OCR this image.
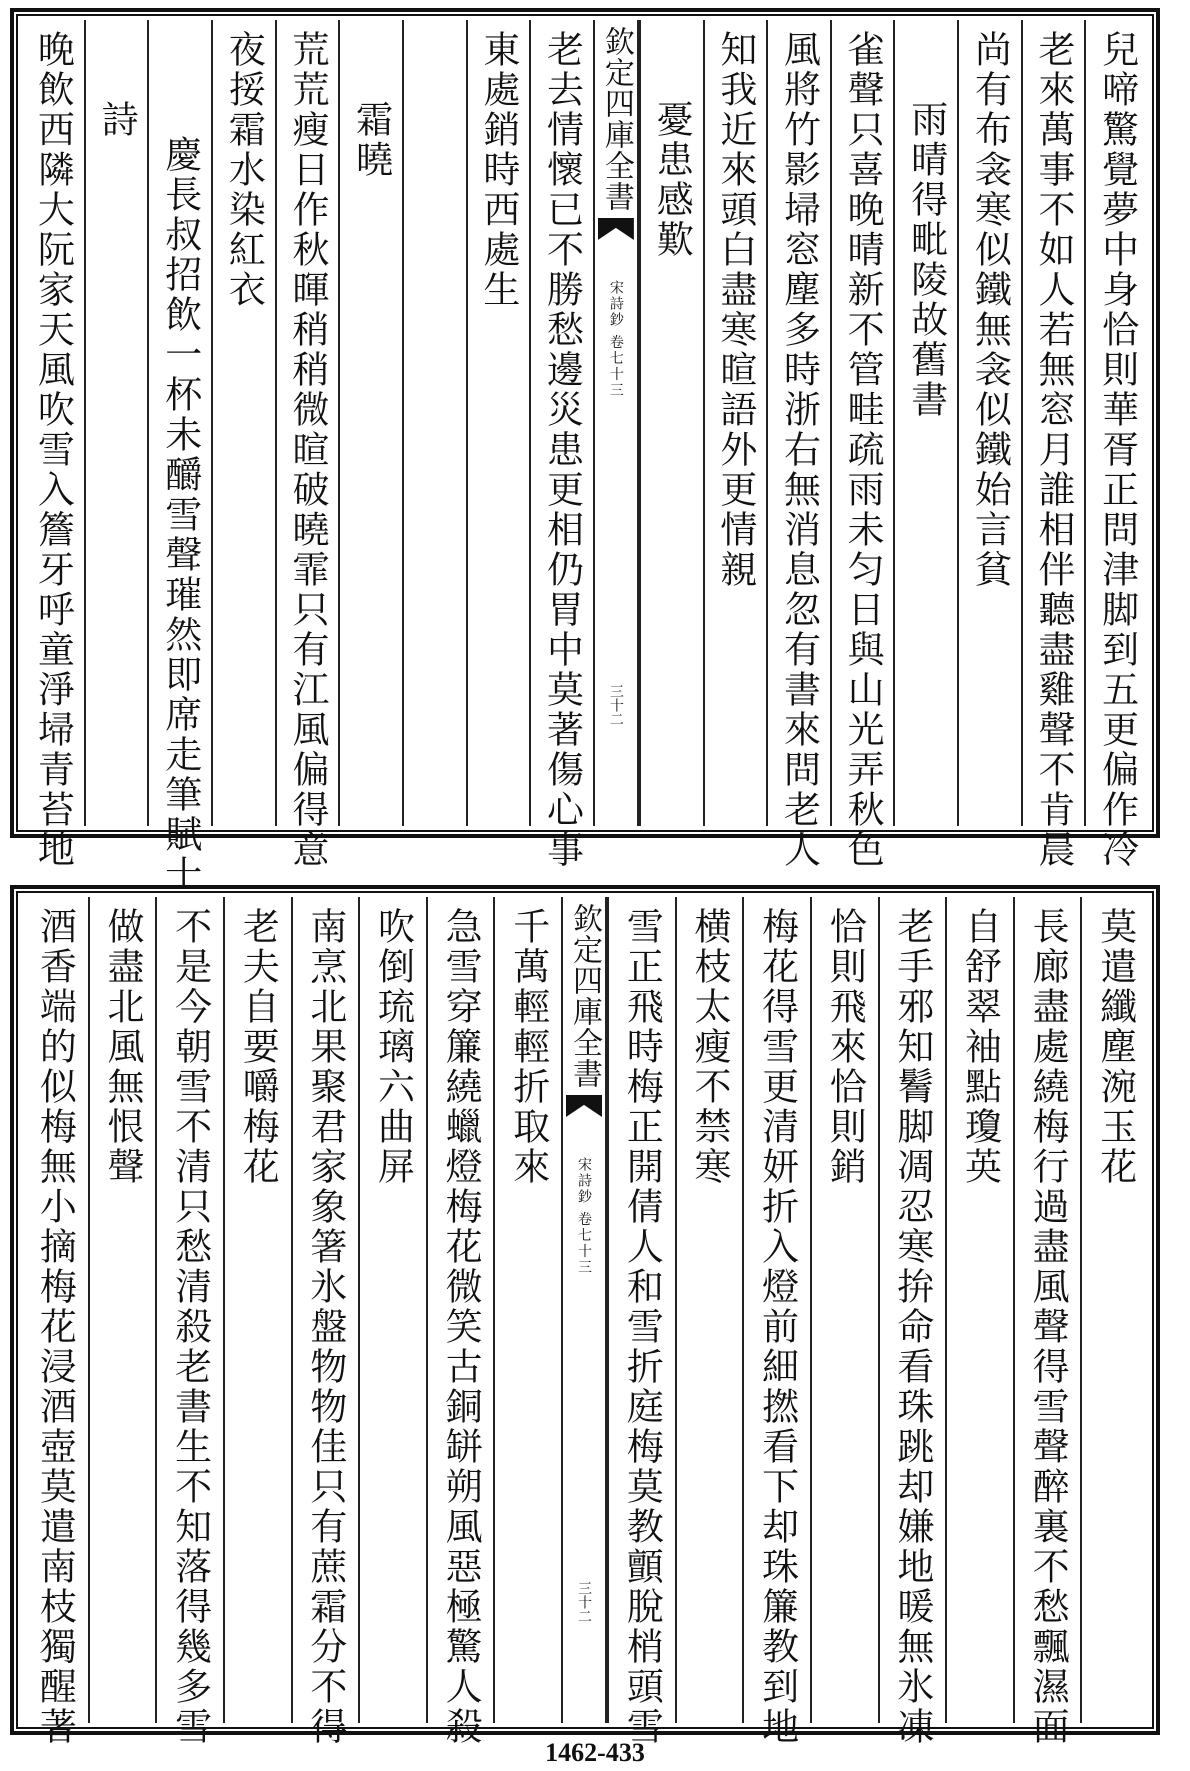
兒啼驚覺夢中身恰則華胥正問津脚到五更偏作冷
老來萬事不如人若無窓月誰相伴聽盡雞聲不肯晨
尚有布衾寒似鐵無衾似鐵始言貧
雨晴得毗陵故舊書
雀聲只喜晚晴新不管畦疏雨未匀日與山光弄秋色
風將竹影埽窓塵多時浙右無消息忽有書來問老人
知我近來頭白盡寒暄語外更情親
憂患感歎
欽定四庫全書
宋詩鈔 卷七十三
三十二
老去情懷已不勝愁邊災患更相仍胃中莫著傷心事
東處銷時西處生
霜曉
荒荒瘦日作秋暉稍稍微暄破曉霏只有江風偏得意
夜挼霜水染紅衣
慶長叔招飲一杯未釂雪聲璀然即席走筆賦十
詩
晚飲西隣大阮家天風吹雪入簷牙呼童淨埽青苔地
莫遣纖塵涴玉花
長廊盡處繞梅行過盡風聲得雪聲醉裏不愁飄濕面
自舒翠袖點瓊英
老手邪知鬌脚凋忍寒拚命看珠跳却嫌地暖無氷凍
恰則飛來恰則銷
梅花得雪更清妍折入燈前細撚看下却珠簾教到地
横枝太瘦不禁寒
雪正飛時梅正開倩人和雪折庭梅莫教顫脫梢頭雪
欽定四庫全書
宋詩鈔 卷七十三
三十二
千萬輕輕折取來
急雪穿簾繞蠟燈梅花微笑古銅缾朔風惡極驚人殺
吹倒琉璃六曲屏
南烹北果聚君家象箸氷盤物物佳只有蔗霜分不得
老夫自要嚼梅花
不是今朝雪不清只愁清殺老書生不知落得幾多雪
做盡北風無恨聲
酒香端的似梅無小摘梅花浸酒壺莫遣南枝獨醒著
1462-433
